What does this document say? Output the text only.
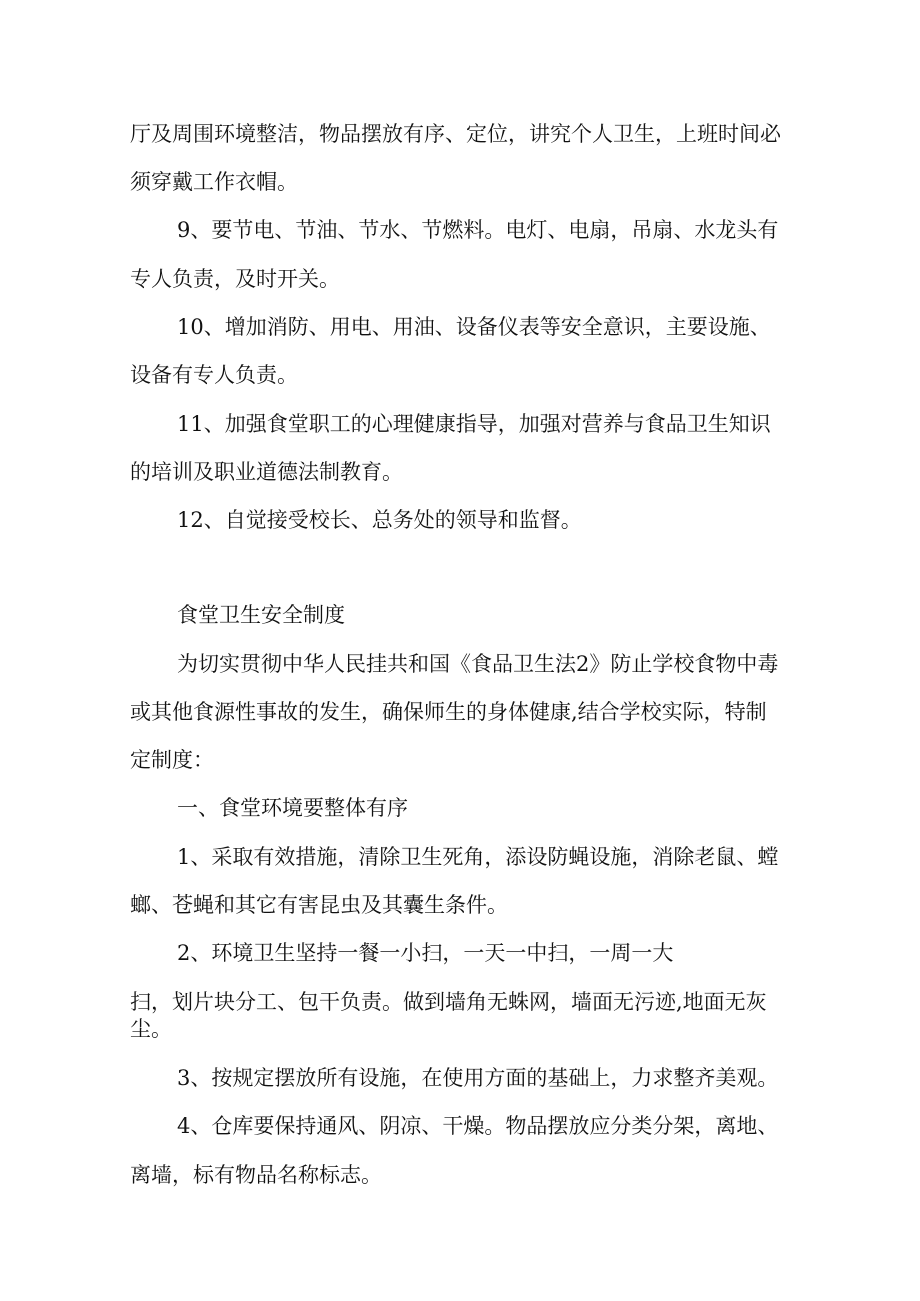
厅及周围环境整洁，物品摆放有序、定位，讲究个人卫生，上班时间必
须穿戴工作衣帽。
9、要节电、节油、节水、节燃料。电灯、电扇，吊扇、水龙头有
专人负责，及时开关。
10、增加消防、用电、用油、设备仪表等安全意识，主要设施、
设备有专人负责。
11、加强食堂职工的心理健康指导，加强对营养与食品卫生知识
的培训及职业道德法制教育。
12、自觉接受校长、总务处的领导和监督。
食堂卫生安全制度
为切实贯彻中华人民挂共和国《食品卫生法2》防止学校食物中毒
或其他食源性事故的发生，确保师生的身体健康,结合学校实际，特制
定制度：
一、食堂环境要整体有序
1、采取有效措施，清除卫生死角，添设防蝇设施，消除老鼠、螳
螂、苍蝇和其它有害昆虫及其囊生条件。
2、环境卫生坚持一餐一小扫，一天一中扫，一周一大
扫，划片块分工、包干负责。做到墙角无蛛网，墙面无污迹,地面无灰
尘。
3、按规定摆放所有设施，在使用方面的基础上，力求整齐美观。
4、仓库要保持通风、阴凉、干燥。物品摆放应分类分架，离地、
离墙，标有物品名称标志。
